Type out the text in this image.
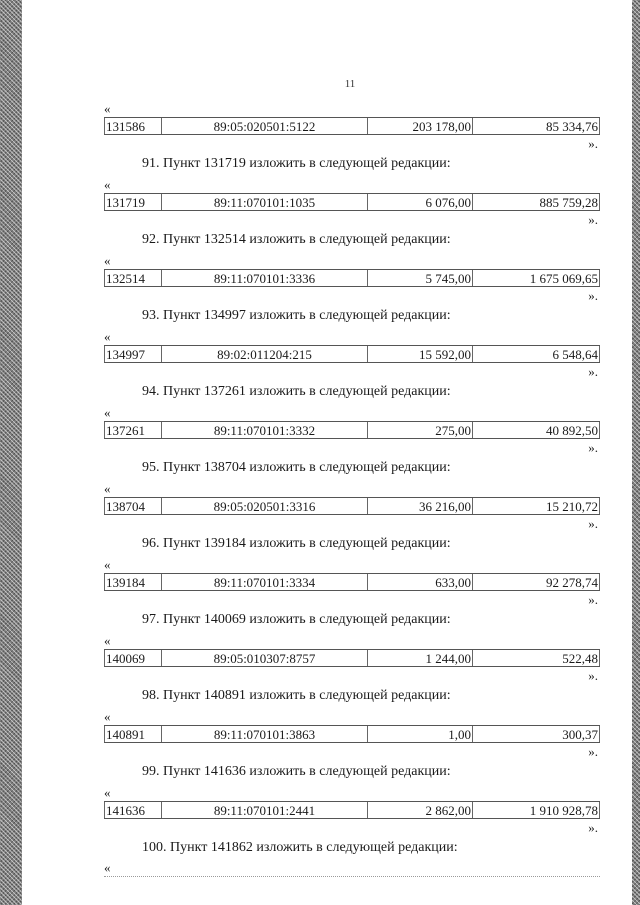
11
«
131586	89:05:020501:5122	203 178,00	85 334,76
».
91. Пункт 131719 изложить в следующей редакции:
«
131719	89:11:070101:1035	6 076,00	885 759,28
».
92. Пункт 132514 изложить в следующей редакции:
«
132514	89:11:070101:3336	5 745,00	1 675 069,65
».
93. Пункт 134997 изложить в следующей редакции:
«
134997	89:02:011204:215	15 592,00	6 548,64
».
94. Пункт 137261 изложить в следующей редакции:
«
137261	89:11:070101:3332	275,00	40 892,50
».
95. Пункт 138704 изложить в следующей редакции:
«
138704	89:05:020501:3316	36 216,00	15 210,72
».
96. Пункт 139184 изложить в следующей редакции:
«
139184	89:11:070101:3334	633,00	92 278,74
».
97. Пункт 140069 изложить в следующей редакции:
«
140069	89:05:010307:8757	1 244,00	522,48
».
98. Пункт 140891 изложить в следующей редакции:
«
140891	89:11:070101:3863	1,00	300,37
».
99. Пункт 141636 изложить в следующей редакции:
«
141636	89:11:070101:2441	2 862,00	1 910 928,78
».
100. Пункт 141862 изложить в следующей редакции:
«
